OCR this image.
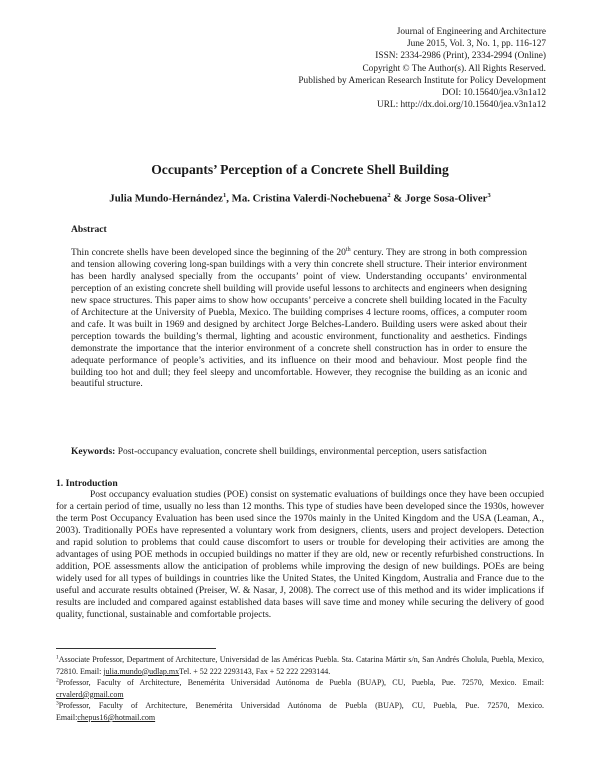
Journal of Engineering and Architecture
June 2015, Vol. 3, No. 1, pp. 116-127
ISSN: 2334-2986 (Print), 2334-2994 (Online)
Copyright © The Author(s). All Rights Reserved.
Published by American Research Institute for Policy Development
DOI: 10.15640/jea.v3n1a12
URL: http://dx.doi.org/10.15640/jea.v3n1a12
Occupants’ Perception of a Concrete Shell Building
Julia Mundo-Hernández$^1$, Ma. Cristina Valerdi-Nochebuena$^2$ & Jorge Sosa-Oliver$^3$
Abstract
Thin concrete shells have been developed since the beginning of the 20th century. They are strong in both compression and tension allowing covering long-span buildings with a very thin concrete shell structure. Their interior environment has been hardly analysed specially from the occupants’ point of view. Understanding occupants’ environmental perception of an existing concrete shell building will provide useful lessons to architects and engineers when designing new space structures. This paper aims to show how occupants’ perceive a concrete shell building located in the Faculty of Architecture at the University of Puebla, Mexico. The building comprises 4 lecture rooms, offices, a computer room and cafe. It was built in 1969 and designed by architect Jorge Belches-Landero. Building users were asked about their perception towards the building’s thermal, lighting and acoustic environment, functionality and aesthetics. Findings demonstrate the importance that the interior environment of a concrete shell construction has in order to ensure the adequate performance of people’s activities, and its influence on their mood and behaviour. Most people find the building too hot and dull; they feel sleepy and uncomfortable. However, they recognise the building as an iconic and beautiful structure.
Keywords: Post-occupancy evaluation, concrete shell buildings, environmental perception, users satisfaction
1. Introduction
Post occupancy evaluation studies (POE) consist on systematic evaluations of buildings once they have been occupied for a certain period of time, usually no less than 12 months. This type of studies have been developed since the 1930s, however the term Post Occupancy Evaluation has been used since the 1970s mainly in the United Kingdom and the USA (Leaman, A., 2003). Traditionally POEs have represented a voluntary work from designers, clients, users and project developers. Detection and rapid solution to problems that could cause discomfort to users or trouble for developing their activities are among the advantages of using POE methods in occupied buildings no matter if they are old, new or recently refurbished constructions. In addition, POE assessments allow the anticipation of problems while improving the design of new buildings. POEs are being widely used for all types of buildings in countries like the United States, the United Kingdom, Australia and France due to the useful and accurate results obtained (Preiser, W. & Nasar, J, 2008). The correct use of this method and its wider implications if results are included and compared against established data bases will save time and money while securing the delivery of good quality, functional, sustainable and comfortable projects.

$^1$Associate Professor, Department of Architecture, Universidad de las Américas Puebla. Sta. Catarina Mártir s/n, San Andrés Cholula, Puebla, Mexico, 72810. Email: julia.mundo@udlap.mxTel. + 52 222 2293143, Fax + 52 222 2293144.

$^2$Professor, Faculty of Architecture, Benemérita Universidad Autónoma de Puebla (BUAP), CU, Puebla, Pue. 72570, Mexico. Email: crvalerd@gmail.com

$^3$Professor, Faculty of Architecture, Benemérita Universidad Autónoma de Puebla (BUAP), CU, Puebla, Pue. 72570, Mexico. Email:chepus16@hotmail.com
